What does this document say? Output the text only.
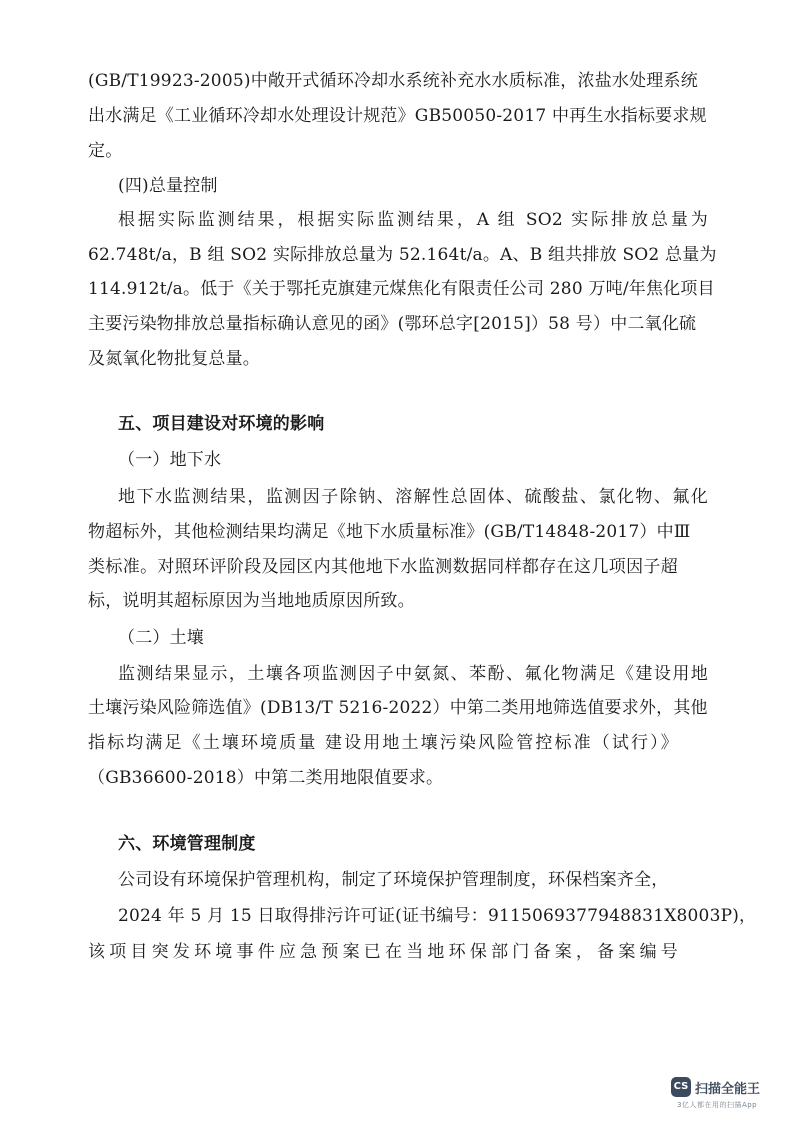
(GB/T19923-2005)中敞开式循环冷却水系统补充水水质标准，浓盐水处理系统
出水满足《工业循环冷却水处理设计规范》GB50050-2017 中再生水指标要求规
定。
(四)总量控制
根据实际监测结果，根据实际监测结果，A 组 SO2 实际排放总量为
62.748t/a，B 组 SO2 实际排放总量为 52.164t/a。A、B 组共排放 SO2 总量为
114.912t/a。低于《关于鄂托克旗建元煤焦化有限责任公司 280 万吨/年焦化项目
主要污染物排放总量指标确认意见的函》(鄂环总字[2015]）58 号）中二氧化硫
及氮氧化物批复总量。
五、项目建设对环境的影响
（一）地下水
地下水监测结果，监测因子除钠、溶解性总固体、硫酸盐、氯化物、氟化
物超标外，其他检测结果均满足《地下水质量标准》(GB/T14848-2017）中Ⅲ
类标准。对照环评阶段及园区内其他地下水监测数据同样都存在这几项因子超
标，说明其超标原因为当地地质原因所致。
（二）土壤
监测结果显示，土壤各项监测因子中氨氮、苯酚、氟化物满足《建设用地
土壤污染风险筛选值》(DB13/T 5216-2022）中第二类用地筛选值要求外，其他
指标均满足《土壤环境质量 建设用地土壤污染风险管控标准（试行）》
（GB36600-2018）中第二类用地限值要求。
六、环境管理制度
公司设有环境保护管理机构，制定了环境保护管理制度，环保档案齐全，
2024 年 5 月 15 日取得排污许可证(证书编号：9115069377948831X8003P)，
该项目突发环境事件应急预案已在当地环保部门备案，备案编号
CS 扫描全能王
3亿人都在用的扫描App
